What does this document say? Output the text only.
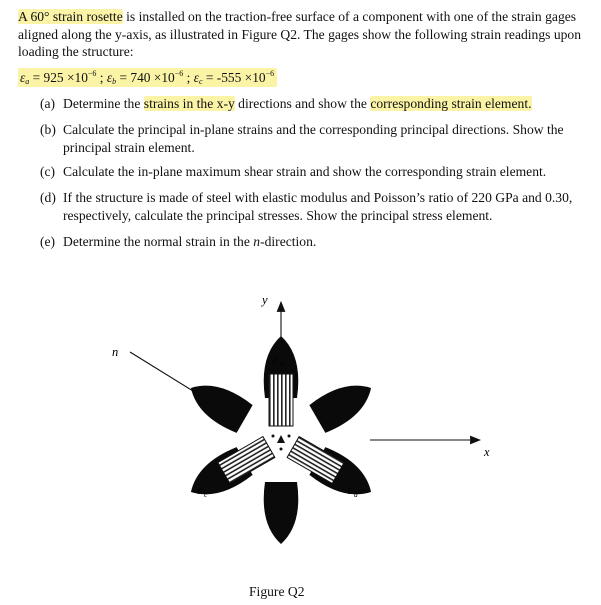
A 60° strain rosette is installed on the traction-free surface of a component with one of the strain gages aligned along the y-axis, as illustrated in Figure Q2. The gages show the following strain readings upon loading the structure:

$\varepsilon_a = 925 \times 10^{-6}$ ; $\varepsilon_b = 740 \times 10^{-6}$ ; $\varepsilon_c = -555 \times 10^{-6}$
(a) Determine the strains in the x-y directions and show the corresponding strain element.
(b) Calculate the principal in-plane strains and the corresponding principal directions. Show the principal strain element.
(c) Calculate the in-plane maximum shear strain and show the corresponding strain element.
(d) If the structure is made of steel with elastic modulus and Poisson’s ratio of 220 GPa and 0.30, respectively, calculate the principal stresses. Show the principal stress element.
(e) Determine the normal strain in the n-direction.
y
x
n	ε b
ε a
ε c
Figure Q2
